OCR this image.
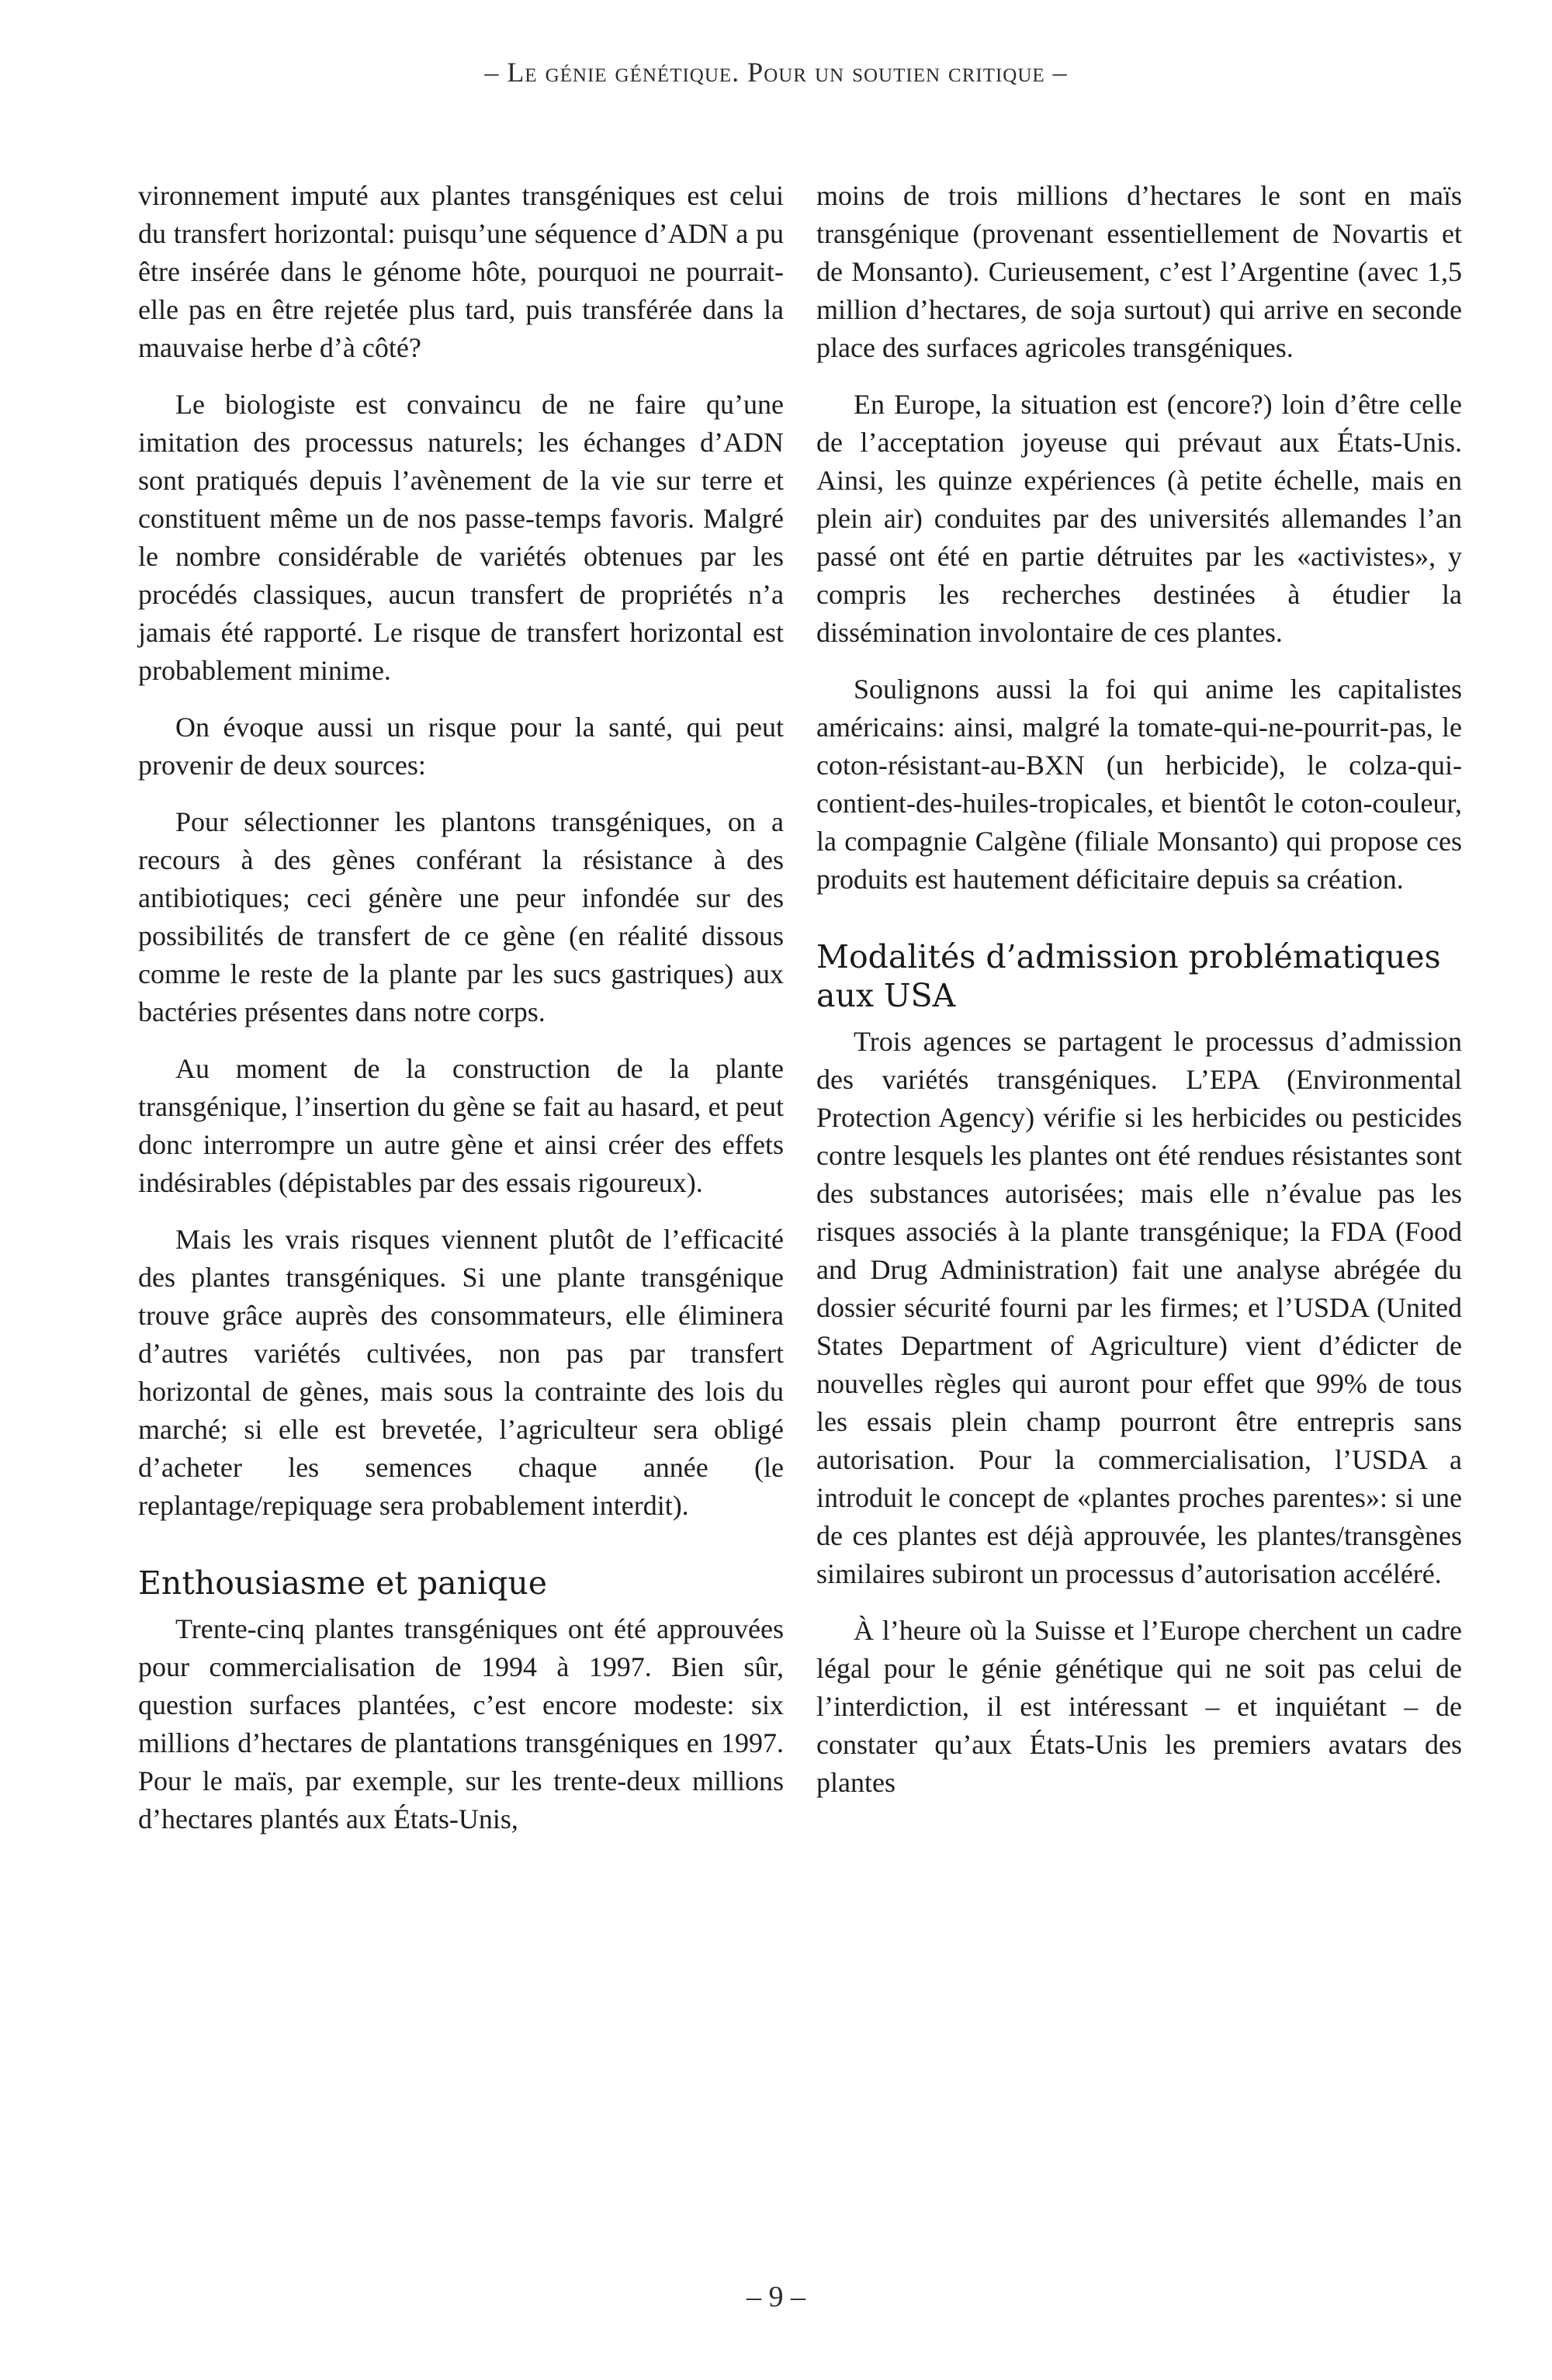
– Le génie génétique. Pour un soutien critique –

vironnement imputé aux plantes transgéniques est celui du transfert horizontal: puisqu’une séquence d’ADN a pu être insérée dans le génome hôte, pourquoi ne pourrait-elle pas en être rejetée plus tard, puis transférée dans la mauvaise herbe d’à côté?

Le biologiste est convaincu de ne faire qu’une imitation des processus naturels; les échanges d’ADN sont pratiqués depuis l’avènement de la vie sur terre et constituent même un de nos passe-temps favoris. Malgré le nombre considérable de variétés obtenues par les procédés classiques, aucun transfert de propriétés n’a jamais été rapporté. Le risque de transfert horizontal est probablement minime.

On évoque aussi un risque pour la santé, qui peut provenir de deux sources:

Pour sélectionner les plantons transgéniques, on a recours à des gènes conférant la résistance à des antibiotiques; ceci génère une peur infondée sur des possibilités de transfert de ce gène (en réalité dissous comme le reste de la plante par les sucs gastriques) aux bactéries présentes dans notre corps.

Au moment de la construction de la plante transgénique, l’insertion du gène se fait au hasard, et peut donc interrompre un autre gène et ainsi créer des effets indésirables (dépistables par des essais rigoureux).

Mais les vrais risques viennent plutôt de l’efficacité des plantes transgéniques. Si une plante transgénique trouve grâce auprès des consommateurs, elle éliminera d’autres variétés cultivées, non pas par transfert horizontal de gènes, mais sous la contrainte des lois du marché; si elle est brevetée, l’agriculteur sera obligé d’acheter les semences chaque année (le replantage/repiquage sera probablement interdit).

Enthousiasme et panique

Trente-cinq plantes transgéniques ont été approuvées pour commercialisation de 1994 à 1997. Bien sûr, question surfaces plantées, c’est encore modeste: six millions d’hectares de plantations transgéniques en 1997. Pour le maïs, par exemple, sur les trente-deux millions d’hectares plantés aux États-Unis,

moins de trois millions d’hectares le sont en maïs transgénique (provenant essentiellement de Novartis et de Monsanto). Curieusement, c’est l’Argentine (avec 1,5 million d’hectares, de soja surtout) qui arrive en seconde place des surfaces agricoles transgéniques.

En Europe, la situation est (encore?) loin d’être celle de l’acceptation joyeuse qui prévaut aux États-Unis. Ainsi, les quinze expériences (à petite échelle, mais en plein air) conduites par des universités allemandes l’an passé ont été en partie détruites par les «activistes», y compris les recherches destinées à étudier la dissémination involontaire de ces plantes.

Soulignons aussi la foi qui anime les capitalistes américains: ainsi, malgré la tomate-qui-ne-pourrit-pas, le coton-résistant-au-BXN (un herbicide), le colza-qui-contient-des-huiles-tropicales, et bientôt le coton-couleur, la compagnie Calgène (filiale Monsanto) qui propose ces produits est hautement déficitaire depuis sa création.

Modalités d’admission problématiques aux USA

Trois agences se partagent le processus d’admission des variétés transgéniques. L’EPA (Environmental Protection Agency) vérifie si les herbicides ou pesticides contre lesquels les plantes ont été rendues résistantes sont des substances autorisées; mais elle n’évalue pas les risques associés à la plante transgénique; la FDA (Food and Drug Administration) fait une analyse abrégée du dossier sécurité fourni par les firmes; et l’USDA (United States Department of Agriculture) vient d’édicter de nouvelles règles qui auront pour effet que 99% de tous les essais plein champ pourront être entrepris sans autorisation. Pour la commercialisation, l’USDA a introduit le concept de «plantes proches parentes»: si une de ces plantes est déjà approuvée, les plantes/transgènes similaires subiront un processus d’autorisation accéléré.

À l’heure où la Suisse et l’Europe cherchent un cadre légal pour le génie génétique qui ne soit pas celui de l’interdiction, il est intéressant – et inquiétant – de constater qu’aux États-Unis les premiers avatars des plantes

– 9 –
